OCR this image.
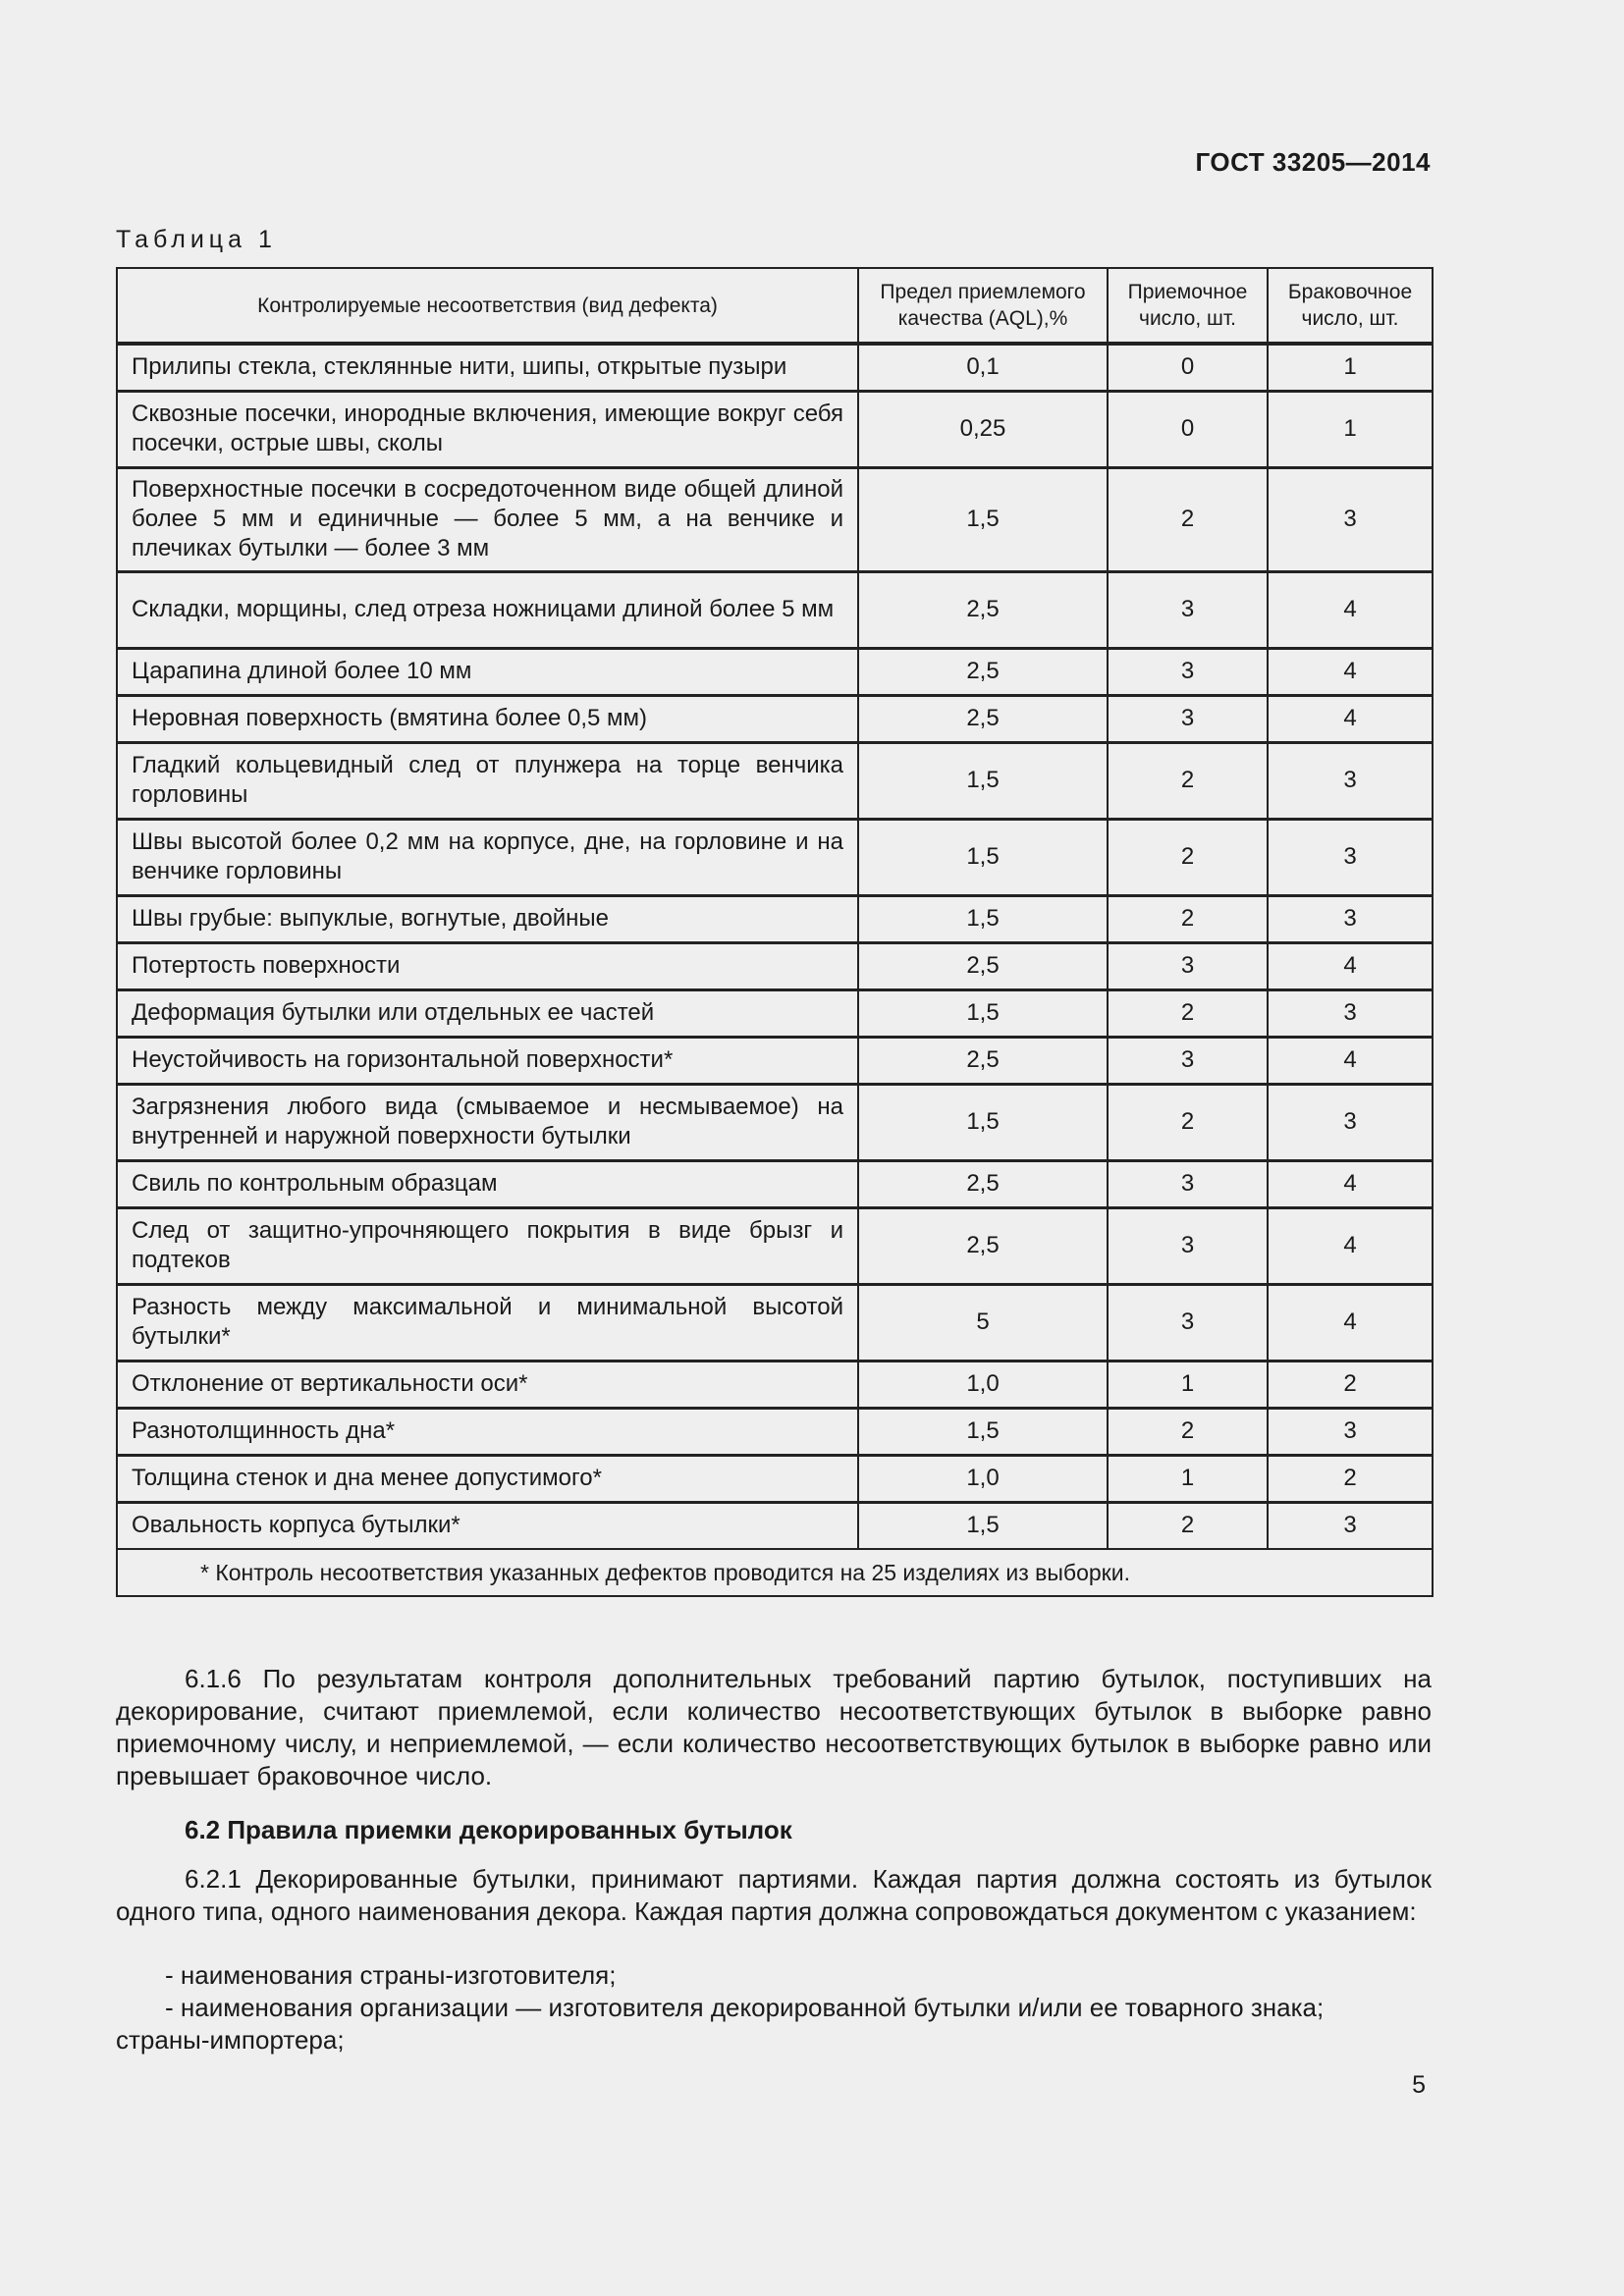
ГОСТ 33205—2014
Таблица 1
Контролируемые несоответствия (вид дефекта)	Предел приемлемого качества (AQL),%	Приемочное число, шт.	Браковочное число, шт.
Прилипы стекла, стеклянные нити, шипы, открытые пузыри	0,1	0	1
Сквозные посечки, инородные включения, имеющие вокруг себя посечки, острые швы, сколы	0,25	0	1
Поверхностные посечки в сосредоточенном виде общей длиной более 5 мм и единичные — более 5 мм, а на венчике и плечиках бутылки — более 3 мм	1,5	2	3
Складки, морщины, след отреза ножницами длиной более 5 мм	2,5	3	4
Царапина длиной более 10 мм	2,5	3	4
Неровная поверхность (вмятина более 0,5 мм)	2,5	3	4
Гладкий кольцевидный след от плунжера на торце венчика горловины	1,5	2	3
Швы высотой более 0,2 мм на корпусе, дне, на горловине и на венчике горловины	1,5	2	3
Швы грубые: выпуклые, вогнутые, двойные	1,5	2	3
Потертость поверхности	2,5	3	4
Деформация бутылки или отдельных ее частей	1,5	2	3
Неустойчивость на горизонтальной поверхности*	2,5	3	4
Загрязнения любого вида (смываемое и несмываемое) на внутренней и наружной поверхности бутылки	1,5	2	3
Свиль по контрольным образцам	2,5	3	4
След от защитно-упрочняющего покрытия в виде брызг и подтеков	2,5	3	4
Разность между максимальной и минимальной высотой бутылки*	5	3	4
Отклонение от вертикальности оси*	1,0	1	2
Разнотолщинность дна*	1,5	2	3
Толщина стенок и дна менее допустимого*	1,0	1	2
Овальность корпуса бутылки*	1,5	2	3
* Контроль несоответствия указанных дефектов проводится на 25 изделиях из выборки.			

6.1.6 По результатам контроля дополнительных требований партию бутылок, поступивших на декорирование, считают приемлемой, если количество несоответствующих бутылок в выборке равно приемочному числу, и неприемлемой, — если количество несоответствующих бутылок в выборке равно или превышает браковочное число.

6.2 Правила приемки декорированных бутылок

6.2.1 Декорированные бутылки, принимают партиями. Каждая партия должна состоять из бутылок одного типа, одного наименования декора. Каждая партия должна сопровождаться документом с указанием:

- наименования страны-изготовителя;

- наименования организации — изготовителя декорированной бутылки и/или ее товарного знака;

страны-импортера;

5
